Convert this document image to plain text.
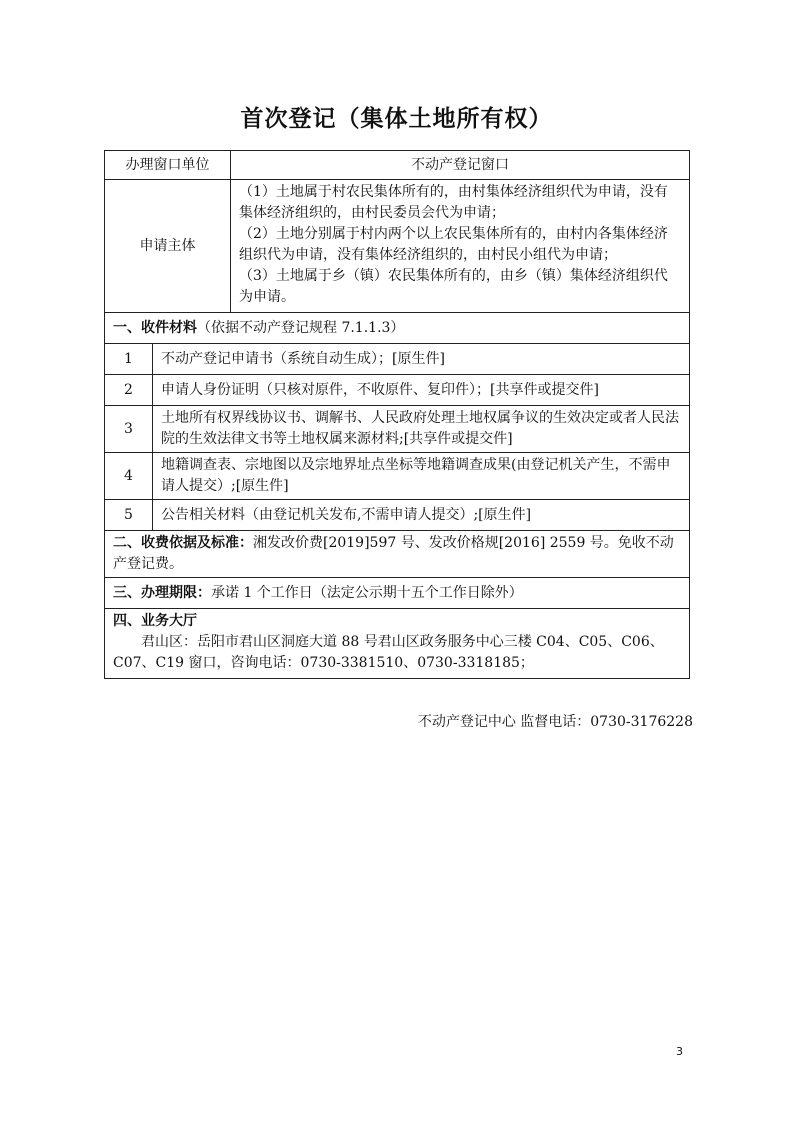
首次登记（集体土地所有权）
办理窗口单位		不动产登记窗口
申请主体		（1）土地属于村农民集体所有的，由村集体经济组织代为申请，没有集体经济组织的，由村民委员会代为申请；
（2）土地分别属于村内两个以上农民集体所有的，由村内各集体经济组织代为申请，没有集体经济组织的，由村民小组代为申请；
（3）土地属于乡（镇）农民集体所有的，由乡（镇）集体经济组织代为申请。

一、收件材料（依据不动产登记规程 7.1.1.3）		
1	不动产登记申请书（系统自动生成）；[原生件]	
2	申请人身份证明（只核对原件，不收原件、复印件）；[共享件或提交件]	
3	土地所有权界线协议书、调解书、人民政府处理土地权属争议的生效决定或者人民法院的生效法律文书等土地权属来源材料;[共享件或提交件]	
4	地籍调查表、宗地图以及宗地界址点坐标等地籍调查成果(由登记机关产生，不需申请人提交）;[原生件]	
5	公告相关材料（由登记机关发布,不需申请人提交）;[原生件]	
二、收费依据及标准：湘发改价费[2019]597 号、发改价格规[2016] 2559 号。免收不动产登记费。		
三、办理期限：承诺 1 个工作日（法定公示期十五个工作日除外）		

四、业务大厅
君山区：岳阳市君山区洞庭大道 88 号君山区政务服务中心三楼 C04、C05、C06、C07、C19 窗口，咨询电话：0730-3381510、0730-3318185；		
不动产登记中心 监督电话：0730-3176228
3
